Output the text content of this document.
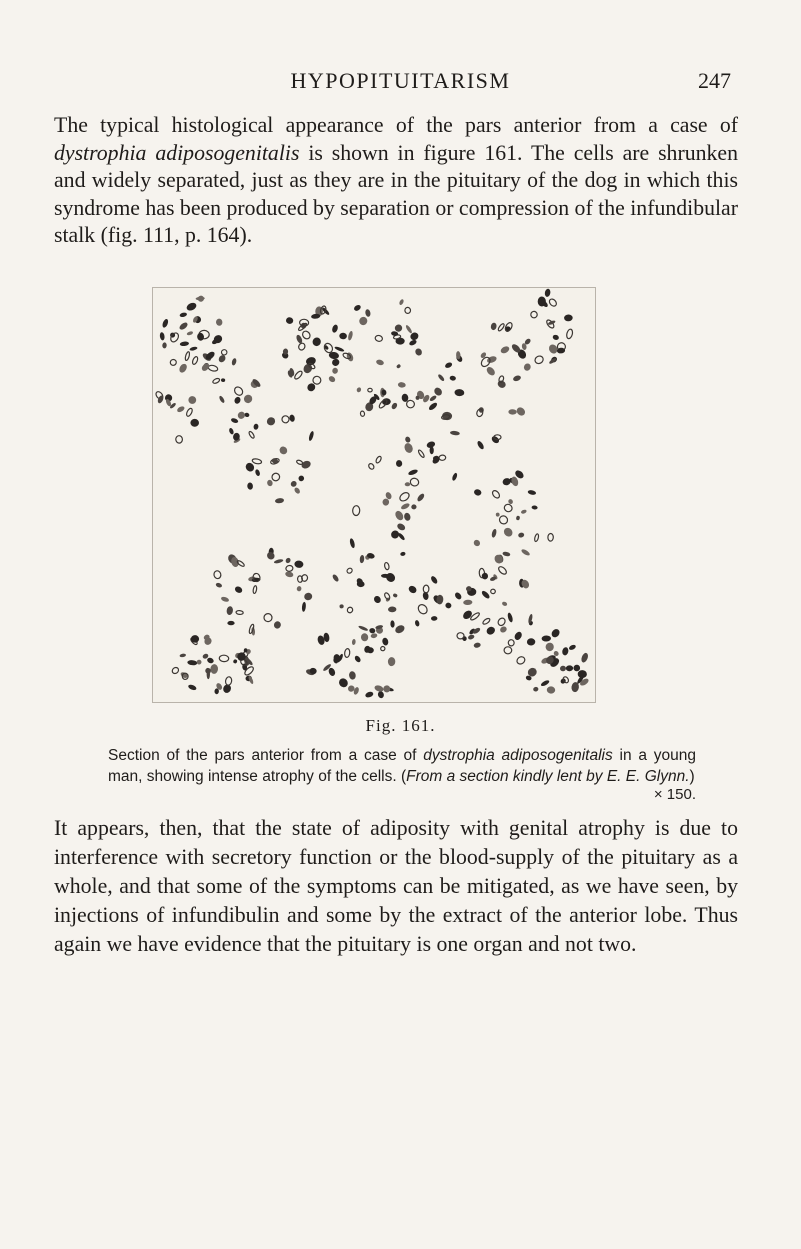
HYPOPITUITARISM	247

The typical histological appearance of the pars anterior from a case of dystrophia adiposogenitalis is shown in figure 161. The cells are shrunken and widely separated, just as they are in the pituitary of the dog in which this syndrome has been produced by separation or compression of the infundibular stalk (fig. 111, p. 164).

Fig. 161.

Section of the pars anterior from a case of dystrophia adiposogenitalis in a young man, showing intense atrophy of the cells. (From a section kindly lent by E. E. Glynn.)

× 150.

It appears, then, that the state of adiposity with genital atrophy is due to interference with secretory function or the blood-supply of the pituitary as a whole, and that some of the symptoms can be mitigated, as we have seen, by injections of infundibulin and some by the extract of the anterior lobe. Thus again we have evidence that the pituitary is one organ and not two.
